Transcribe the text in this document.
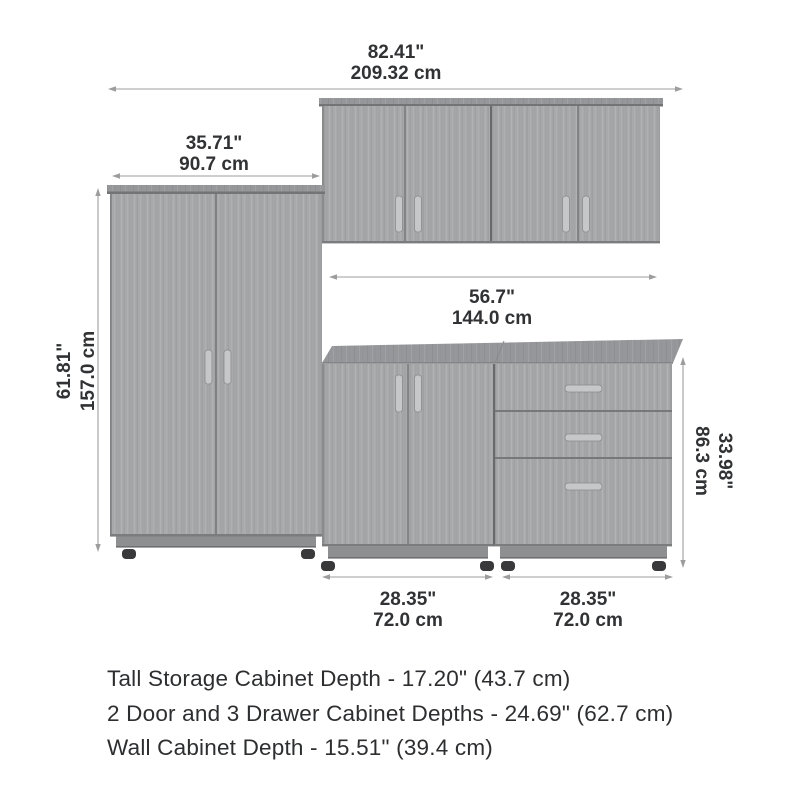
82.41"
209.32 cm
35.71"
90.7 cm
61.81" 157.0 cm
56.7"
144.0 cm
33.98"
86.3 cm
28.35"
72.0 cm
28.35"
72.0 cm
Tall Storage Cabinet Depth - 17.20" (43.7 cm)
2 Door and 3 Drawer Cabinet Depths - 24.69" (62.7 cm)
Wall Cabinet Depth - 15.51" (39.4 cm)
